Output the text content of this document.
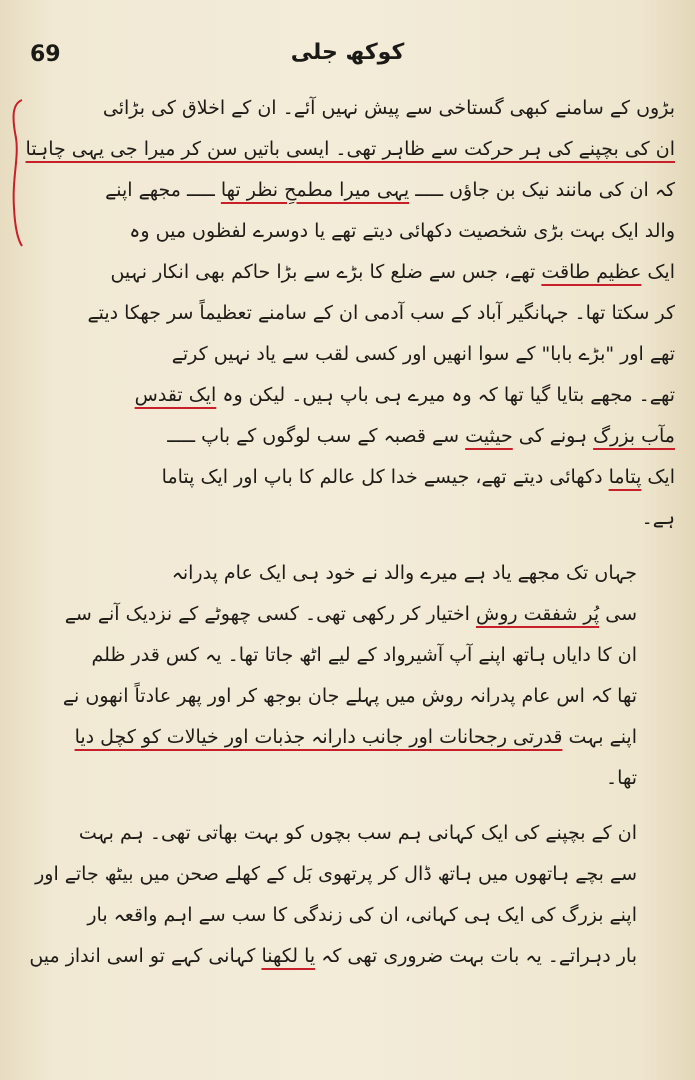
69	کوکھ جلی
بڑوں کے سامنے کبھی گستاخی سے پیش نہیں آئے۔ ان کے اخلاق کی بڑائی
ان کی بچپنے کی ہر حرکت سے ظاہر تھی۔ ایسی باتیں سن کر میرا جی یہی چاہتا
کہ ان کی مانند نیک بن جاؤں ـــــ یہی میرا مطمحِ نظر تھا ـــــ مجھے اپنے
والد ایک بہت بڑی شخصیت دکھائی دیتے تھے یا دوسرے لفظوں میں وہ
ایک عظیم طاقت تھے، جس سے ضلع کا بڑے سے بڑا حاکم بھی انکار نہیں
کر سکتا تھا۔ جہانگیر آباد کے سب آدمی ان کے سامنے تعظیماً سر جھکا دیتے
تھے اور "بڑے بابا" کے سوا انھیں اور کسی لقب سے یاد نہیں کرتے
تھے۔ مجھے بتایا گیا تھا کہ وہ میرے ہی باپ ہیں۔ لیکن وہ ایک تقدس
مآب بزرگ ہونے کی حیثیت سے قصبہ کے سب لوگوں کے باپ ـــــ
ایک پتاما دکھائی دیتے تھے، جیسے خدا کل عالم کا باپ اور ایک پتاما
ہے۔
جہاں تک مجھے یاد ہے میرے والد نے خود ہی ایک عام پدرانہ
سی پُر شفقت روش اختیار کر رکھی تھی۔ کسی چھوٹے کے نزدیک آنے سے
ان کا دایاں ہاتھ اپنے آپ آشیرواد کے لیے اٹھ جاتا تھا۔ یہ کس قدر ظلم
تھا کہ اس عام پدرانہ روش میں پہلے جان بوجھ کر اور پھر عادتاً انھوں نے
اپنے بہت قدرتی رجحانات اور جانب دارانہ جذبات اور خیالات کو کچل دیا
تھا۔
ان کے بچپنے کی ایک کہانی ہم سب بچوں کو بہت بھاتی تھی۔ ہم بہت
سے بچے ہاتھوں میں ہاتھ ڈال کر پرتھوی بَل کے کھلے صحن میں بیٹھ جاتے اور
اپنے بزرگ کی ایک ہی کہانی، ان کی زندگی کا سب سے اہم واقعہ بار
بار دہراتے۔ یہ بات بہت ضروری تھی کہ یا لکھنا کہانی کہے تو اسی انداز میں
